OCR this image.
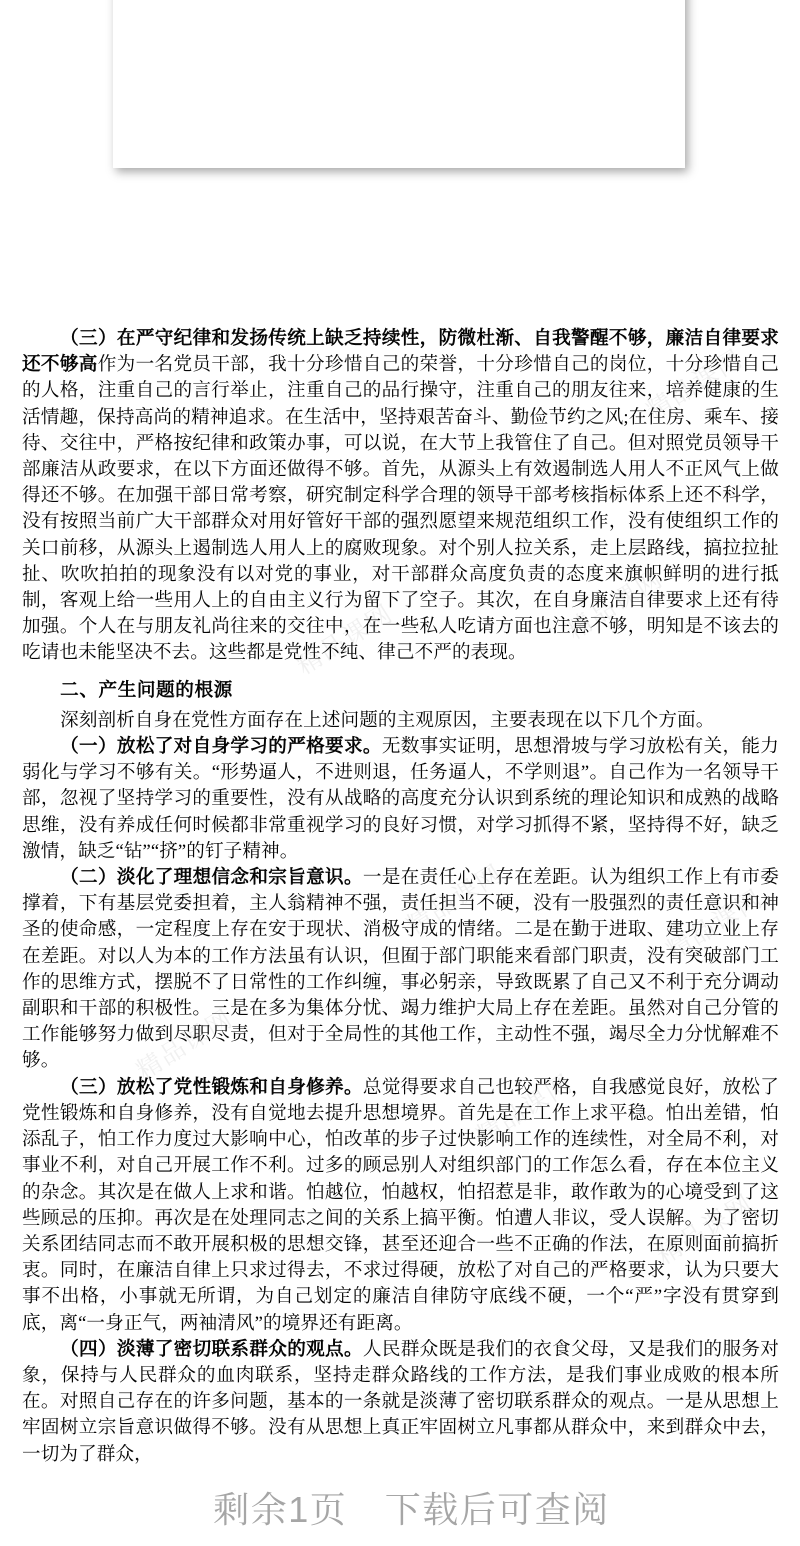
（三）在严守纪律和发扬传统上缺乏持续性，防微杜渐、自我警醒不够，廉洁自律要求还不够高作为一名党员干部，我十分珍惜自己的荣誉，十分珍惜自己的岗位，十分珍惜自己的人格，注重自己的言行举止，注重自己的品行操守，注重自己的朋友往来，培养健康的生活情趣，保持高尚的精神追求。在生活中，坚持艰苦奋斗、勤俭节约之风;在住房、乘车、接待、交往中，严格按纪律和政策办事，可以说，在大节上我管住了自己。但对照党员领导干部廉洁从政要求，在以下方面还做得不够。首先，从源头上有效遏制选人用人不正风气上做得还不够。在加强干部日常考察，研究制定科学合理的领导干部考核指标体系上还不科学，没有按照当前广大干部群众对用好管好干部的强烈愿望来规范组织工作，没有使组织工作的关口前移，从源头上遏制选人用人上的腐败现象。对个别人拉关系，走上层路线，搞拉拉扯扯、吹吹拍拍的现象没有以对党的事业，对干部群众高度负责的态度来旗帜鲜明的进行抵制，客观上给一些用人上的自由主义行为留下了空子。其次，在自身廉洁自律要求上还有待加强。个人在与朋友礼尚往来的交往中，在一些私人吃请方面也注意不够，明知是不该去的吃请也未能坚决不去。这些都是党性不纯、律己不严的表现。

二、产生问题的根源

深刻剖析自身在党性方面存在上述问题的主观原因，主要表现在以下几个方面。

（一）放松了对自身学习的严格要求。无数事实证明，思想滑坡与学习放松有关，能力弱化与学习不够有关。“形势逼人，不进则退，任务逼人，不学则退”。自己作为一名领导干部，忽视了坚持学习的重要性，没有从战略的高度充分认识到系统的理论知识和成熟的战略思维，没有养成任何时候都非常重视学习的良好习惯，对学习抓得不紧，坚持得不好，缺乏激情，缺乏“钻”“挤”的钉子精神。

（二）淡化了理想信念和宗旨意识。一是在责任心上存在差距。认为组织工作上有市委撑着，下有基层党委担着，主人翁精神不强，责任担当不硬，没有一股强烈的责任意识和神圣的使命感，一定程度上存在安于现状、消极守成的情绪。二是在勤于进取、建功立业上存在差距。对以人为本的工作方法虽有认识，但囿于部门职能来看部门职责，没有突破部门工作的思维方式，摆脱不了日常性的工作纠缠，事必躬亲，导致既累了自己又不利于充分调动副职和干部的积极性。三是在多为集体分忧、竭力维护大局上存在差距。虽然对自己分管的工作能够努力做到尽职尽责，但对于全局性的其他工作，主动性不强，竭尽全力分忧解难不够。

（三）放松了党性锻炼和自身修养。总觉得要求自己也较严格，自我感觉良好，放松了党性锻炼和自身修养，没有自觉地去提升思想境界。首先是在工作上求平稳。怕出差错，怕添乱子，怕工作力度过大影响中心，怕改革的步子过快影响工作的连续性，对全局不利，对事业不利，对自己开展工作不利。过多的顾忌别人对组织部门的工作怎么看，存在本位主义的杂念。其次是在做人上求和谐。怕越位，怕越权，怕招惹是非，敢作敢为的心境受到了这些顾忌的压抑。再次是在处理同志之间的关系上搞平衡。怕遭人非议，受人误解。为了密切关系团结同志而不敢开展积极的思想交锋，甚至还迎合一些不正确的作法，在原则面前搞折衷。同时，在廉洁自律上只求过得去，不求过得硬，放松了对自己的严格要求，认为只要大事不出格，小事就无所谓，为自己划定的廉洁自律防守底线不硬，一个“严”字没有贯穿到底，离“一身正气，两袖清风”的境界还有距离。

（四）淡薄了密切联系群众的观点。人民群众既是我们的衣食父母，又是我们的服务对象，保持与人民群众的血肉联系，坚持走群众路线的工作方法，是我们事业成败的根本所在。对照自己存在的许多问题，基本的一条就是淡薄了密切联系群众的观点。一是从思想上牢固树立宗旨意识做得不够。没有从思想上真正牢固树立凡事都从群众中，来到群众中去，一切为了群众，

精品课网
精品课网
精品课网
精品课网	精品课网
精品课网
精品课网
精品课网

剩余1页　下载后可查阅
